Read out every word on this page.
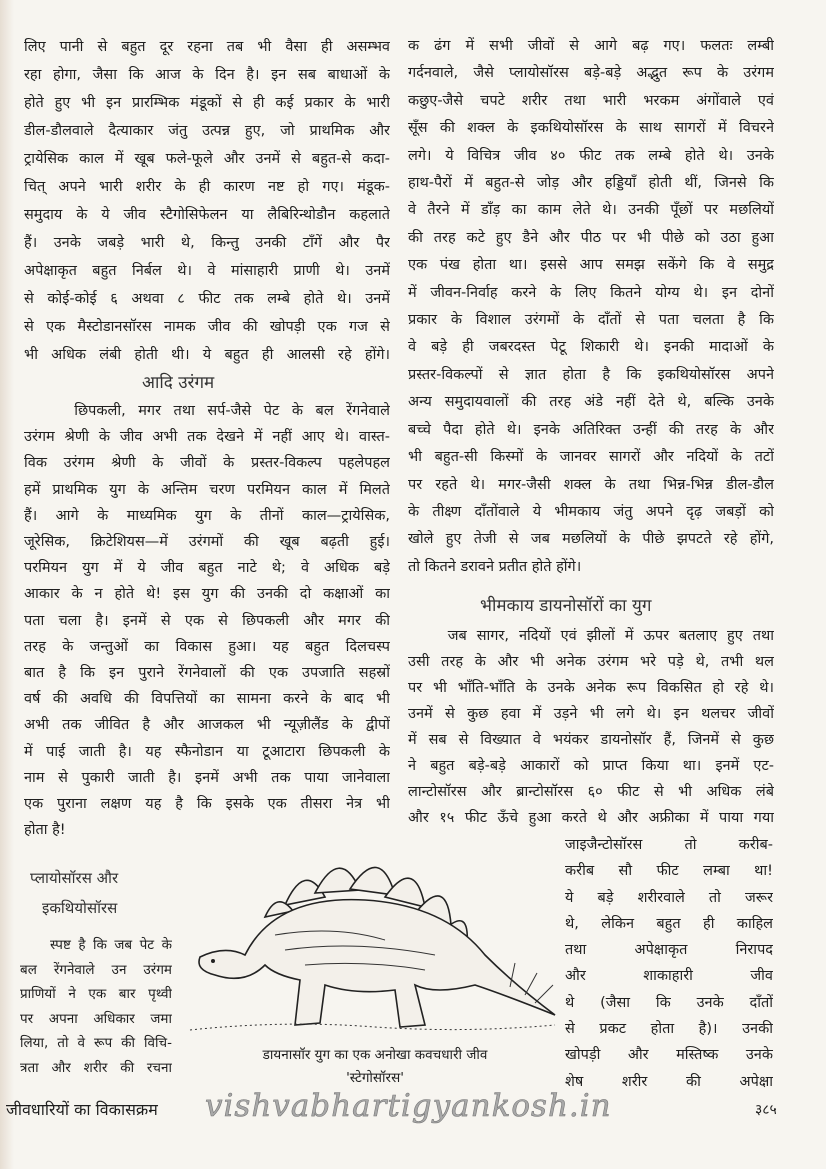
लिए पानी से बहुत दूर रहना तब भी वैसा ही असम्भव
रहा होगा, जैसा कि आज के दिन है। इन सब बाधाओं के
होते हुए भी इन प्रारम्भिक मंडूकों से ही कई प्रकार के भारी
डील-डौलवाले दैत्याकार जंतु उत्पन्न हुए, जो प्राथमिक और
ट्रायेसिक काल में खूब फले-फूले और उनमें से बहुत-से कदा-
चित् अपने भारी शरीर के ही कारण नष्ट हो गए। मंडूक-
समुदाय के ये जीव स्टैगोसिफेलन या लैबिरिन्थोडौन कहलाते
हैं। उनके जबड़े भारी थे, किन्तु उनकी टाँगें और पैर
अपेक्षाकृत बहुत निर्बल थे। वे मांसाहारी प्राणी थे। उनमें
से कोई-कोई ६ अथवा ८ फीट तक लम्बे होते थे। उनमें
से एक मैस्टोडानसॉरस नामक जीव की खोपड़ी एक गज से
भी अधिक लंबी होती थी। ये बहुत ही आलसी रहे होंगे।
आदि उरंगम
छिपकली, मगर तथा सर्प-जैसे पेट के बल रेंगनेवाले
उरंगम श्रेणी के जीव अभी तक देखने में नहीं आए थे। वास्त-
विक उरंगम श्रेणी के जीवों के प्रस्तर-विकल्प पहलेपहल
हमें प्राथमिक युग के अन्तिम चरण परमियन काल में मिलते
हैं। आगे के माध्यमिक युग के तीनों काल—ट्रायेसिक,
जूरेसिक, क्रिटेशियस—में उरंगमों की खूब बढ़ती हुई।
परमियन युग में ये जीव बहुत नाटे थे; वे अधिक बड़े
आकार के न होते थे! इस युग की उनकी दो कक्षाओं का
पता चला है। इनमें से एक से छिपकली और मगर की
तरह के जन्तुओं का विकास हुआ। यह बहुत दिलचस्प
बात है कि इन पुराने रेंगनेवालों की एक उपजाति सहस्रों
वर्ष की अवधि की विपत्तियों का सामना करने के बाद भी
अभी तक जीवित है और आजकल भी न्यूज़ीलैंड के द्वीपों
में पाई जाती है। यह स्फैनोडान या टूआटारा छिपकली के
नाम से पुकारी जाती है। इनमें अभी तक पाया जानेवाला
एक पुराना लक्षण यह है कि इसके एक तीसरा नेत्र भी
होता है!
प्लायोसॉरस और
इकथियोसॉरस
स्पष्ट है कि जब पेट के
बल रेंगनेवाले उन उरंगम
प्राणियों ने एक बार पृथ्वी
पर अपना अधिकार जमा
लिया, तो वे रूप की विचि-
त्रता और शरीर की रचना
क ढंग में सभी जीवों से आगे बढ़ गए। फलतः लम्बी
गर्दनवाले, जैसे प्लायोसॉरस बड़े-बड़े अद्भुत रूप के उरंगम
कछुए-जैसे चपटे शरीर तथा भारी भरकम अंगोंवाले एवं
सूँस की शक्ल के इकथियोसॉरस के साथ सागरों में विचरने
लगे। ये विचित्र जीव ४० फीट तक लम्बे होते थे। उनके
हाथ-पैरों में बहुत-से जोड़ और हड्डियाँ होती थीं, जिनसे कि
वे तैरने में डाँड़ का काम लेते थे। उनकी पूँछों पर मछलियों
की तरह कटे हुए डैने और पीठ पर भी पीछे को उठा हुआ
एक पंख होता था। इससे आप समझ सकेंगे कि वे समुद्र
में जीवन-निर्वाह करने के लिए कितने योग्य थे। इन दोनों
प्रकार के विशाल उरंगमों के दाँतों से पता चलता है कि
वे बड़े ही जबरदस्त पेटू शिकारी थे। इनकी मादाओं के
प्रस्तर-विकल्पों से ज्ञात होता है कि इकथियोसॉरस अपने
अन्य समुदायवालों की तरह अंडे नहीं देते थे, बल्कि उनके
बच्चे पैदा होते थे। इनके अतिरिक्त उन्हीं की तरह के और
भी बहुत-सी किस्मों के जानवर सागरों और नदियों के तटों
पर रहते थे। मगर-जैसी शक्ल के तथा भिन्न-भिन्न डील-डौल
के तीक्ष्ण दाँतोंवाले ये भीमकाय जंतु अपने दृढ़ जबड़ों को
खोले हुए तेजी से जब मछलियों के पीछे झपटते रहे होंगे,
तो कितने डरावने प्रतीत होते होंगे।
भीमकाय डायनोसॉरों का युग
जब सागर, नदियों एवं झीलों में ऊपर बतलाए हुए तथा
उसी तरह के और भी अनेक उरंगम भरे पड़े थे, तभी थल
पर भी भाँति-भाँति के उनके अनेक रूप विकसित हो रहे थे।
उनमें से कुछ हवा में उड़ने भी लगे थे। इन थलचर जीवों
में सब से विख्यात वे भयंकर डायनोसॉर हैं, जिनमें से कुछ
ने बहुत बड़े-बड़े आकारों को प्राप्त किया था। इनमें एट-
लान्टोसॉरस और ब्रान्टोसॉरस ६० फीट से भी अधिक लंबे
और १५ फीट ऊँचे हुआ करते थे और अफ्रीका में पाया गया
जाइजैन्टोसॉरस तो करीब-
करीब सौ फीट लम्बा था!
ये बड़े शरीरवाले तो जरूर
थे, लेकिन बहुत ही काहिल
तथा अपेक्षाकृत निरापद
और शाकाहारी जीव
थे (जैसा कि उनके दाँतों
से प्रकट होता है)। उनकी
खोपड़ी और मस्तिष्क उनके
शेष शरीर की अपेक्षा
डायनासॉर युग का एक अनोखा कवचधारी जीव
'स्टेगोसॉरस'
जीवधारियों का विकासक्रम vishvabhartigyankosh.in	३८५
